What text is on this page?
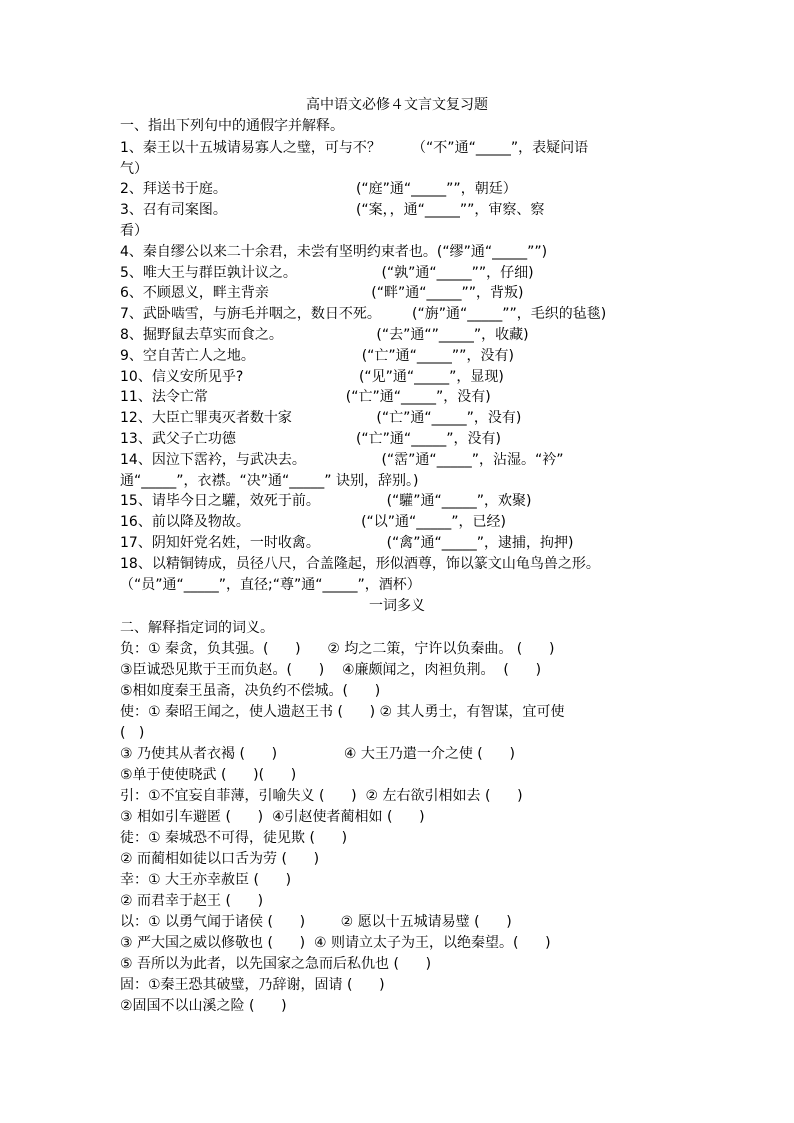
高中语文必修４文言文复习题
一、指出下列句中的通假字并解释。
1、秦王以十五城请易寡人之璧，可与不？       （“不”通“_____”，表疑问语
气）
2、拜送书于庭。                             (“庭”通“_____””，朝廷）
3、召有司案图。                             (“案，，通“_____””，审察、察
看）
4、秦自缪公以来二十余君，未尝有坚明约束者也。(“缪”通“_____””)
5、唯大王与群臣孰计议之。                   (“孰”通“_____””，仔细)
6、不顾恩义，畔主背亲                       (“畔”通“_____””，背叛)
7、武卧啮雪，与旃毛并咽之，数日不死。       (“旃”通“_____””，毛织的毡毯)
8、掘野鼠去草实而食之。                     (“去”通“”_____”，收藏)
9、空自苦亡人之地。                        (“亡”通“_____””，没有)
10、信义安所见乎?                          (“见”通“_____”，显现)
11、法令亡常                               (“亡”通“_____”，没有)
12、大臣亡罪夷灭者数十家                   (“亡”通“_____”，没有)
13、武父子亡功德                           (“亡”通“_____”，没有)
14、因泣下霑衿，与武决去。                 (“霑”通“_____”，沾湿。“衿”
通“_____”，衣襟。“决”通“_____” 诀别，辞别。)
15、请毕今日之驩，效死于前。               (“驩”通“_____”，欢聚)
16、前以降及物故。                         (“以”通“_____”，已经)
17、阴知奸党名姓，一时收禽。               (“禽”通“_____”，逮捕，拘押)
18、以精铜铸成，员径八尺，合盖隆起，形似酒尊，饰以篆文山龟鸟兽之形。
（“员”通“_____”，直径;“尊”通“_____”，酒杯）
一词多义
二、解释指定词的词义。
负：① 秦贪，负其强。(      )      ② 均之二策，宁许以负秦曲。 (      )
③臣诚恐见欺于王而负赵。(      )    ④廉颇闻之，肉袒负荆。  (      )
⑤相如度秦王虽斋，决负约不偿城。(      )
使：① 秦昭王闻之，使人遗赵王书 (      ) ② 其人勇士，有智谋，宜可使
(   )
③ 乃使其从者衣褐 (      )               ④ 大王乃遣一介之使 (      )
⑤单于使使晓武 (      )(      )
引：①不宜妄自菲薄，引喻失义 (      )  ② 左右欲引相如去 (      )
③ 相如引车避匿 (      )  ④引赵使者蔺相如 (      )
徒：① 秦城恐不可得，徒见欺 (      )
② 而蔺相如徒以口舌为劳 (      )
幸：① 大王亦幸赦臣 (      )
② 而君幸于赵王 (      )
以：① 以勇气闻于诸侯 (      )        ② 愿以十五城请易璧 (      )
③ 严大国之威以修敬也 (      )  ④ 则请立太子为王，以绝秦望。(      )
⑤ 吾所以为此者，以先国家之急而后私仇也 (      )
固：①秦王恐其破璧，乃辞谢，固请 (      )
②固国不以山溪之险 (      )
